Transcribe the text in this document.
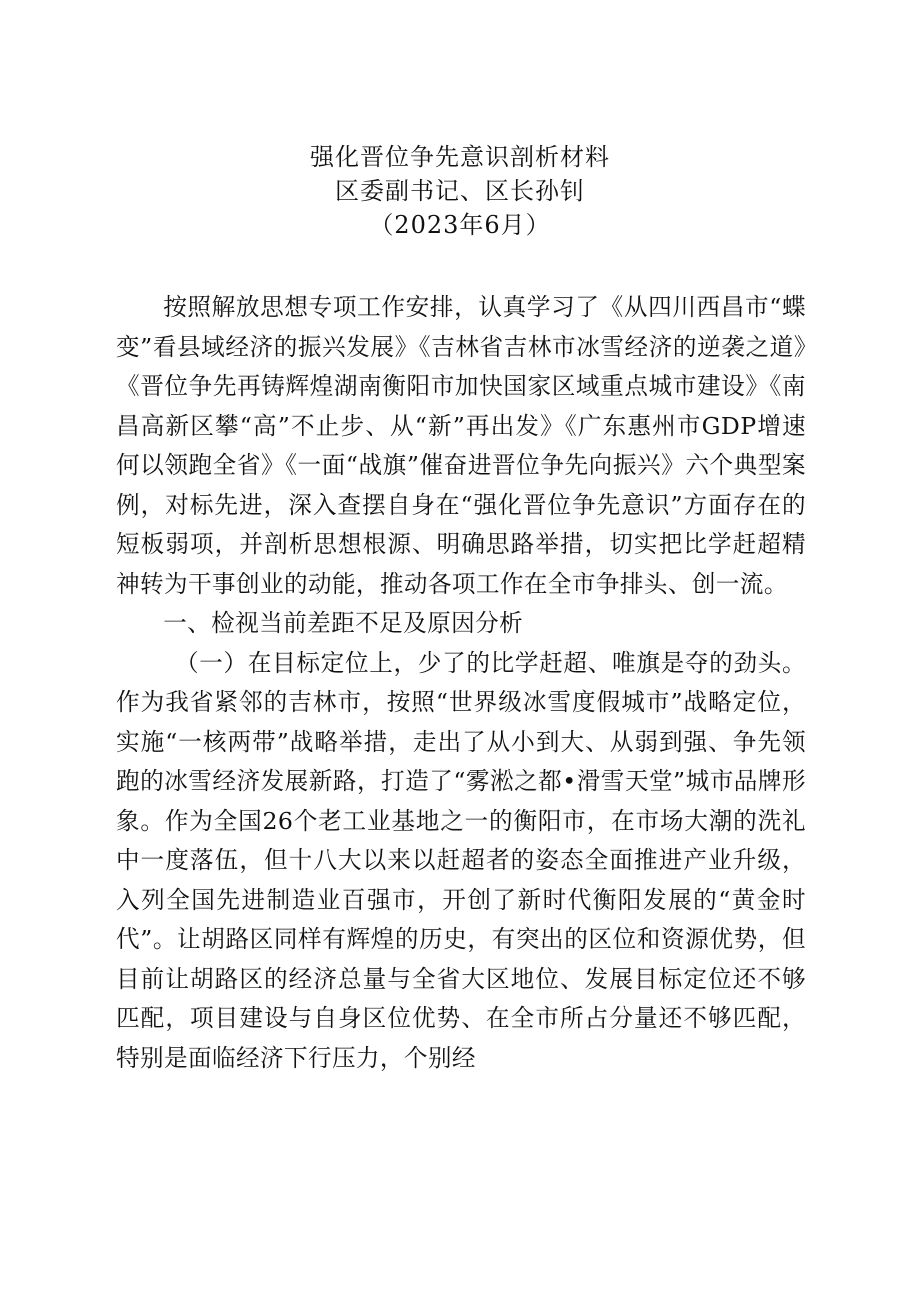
强化晋位争先意识剖析材料
区委副书记、区长孙钊
（2023年6月）

按照解放思想专项工作安排，认真学习了《从四川西昌市“蝶变”看县域经济的振兴发展》《吉林省吉林市冰雪经济的逆袭之道》《晋位争先再铸辉煌湖南衡阳市加快国家区域重点城市建设》《南昌高新区攀“高”不止步、从“新”再出发》《广东惠州市GDP增速何以领跑全省》《一面“战旗”催奋进晋位争先向振兴》六个典型案例，对标先进，深入查摆自身在“强化晋位争先意识”方面存在的短板弱项，并剖析思想根源、明确思路举措，切实把比学赶超精神转为干事创业的动能，推动各项工作在全市争排头、创一流。

一、检视当前差距不足及原因分析

（一）在目标定位上，少了的比学赶超、唯旗是夺的劲头。作为我省紧邻的吉林市，按照“世界级冰雪度假城市”战略定位，实施“一核两带”战略举措，走出了从小到大、从弱到强、争先领跑的冰雪经济发展新路，打造了“雾淞之都•滑雪天堂”城市品牌形象。作为全国26个老工业基地之一的衡阳市，在市场大潮的洗礼中一度落伍，但十八大以来以赶超者的姿态全面推进产业升级，入列全国先进制造业百强市，开创了新时代衡阳发展的“黄金时代”。让胡路区同样有辉煌的历史，有突出的区位和资源优势，但目前让胡路区的经济总量与全省大区地位、发展目标定位还不够匹配，项目建设与自身区位优势、在全市所占分量还不够匹配，特别是面临经济下行压力，个别经
